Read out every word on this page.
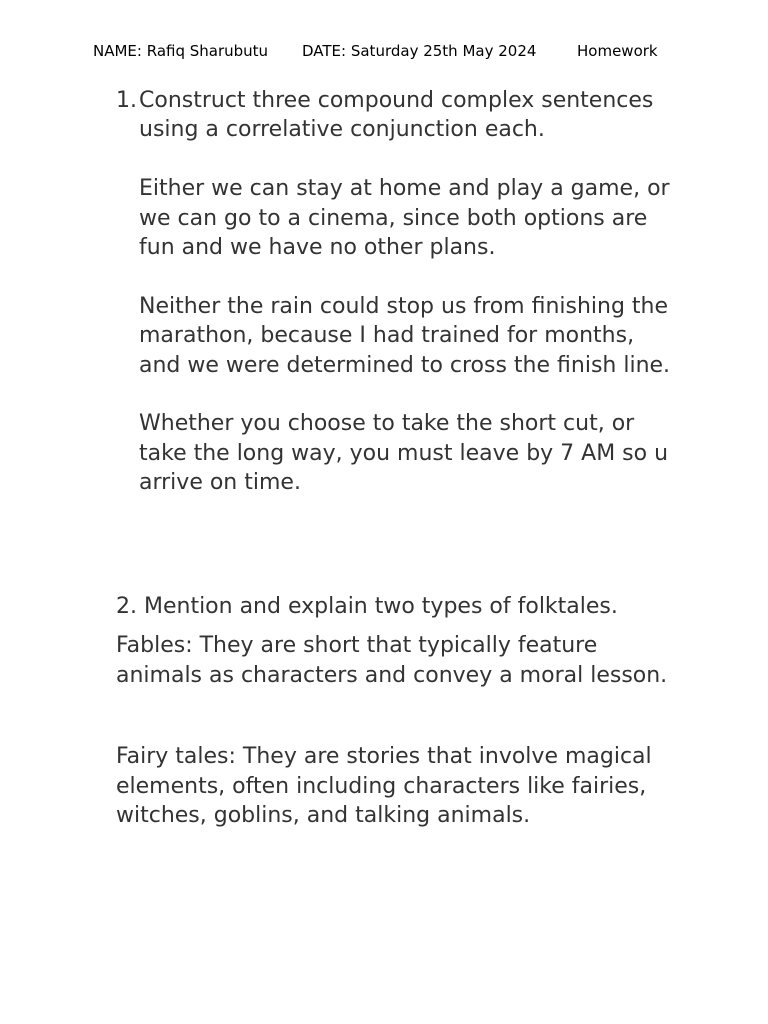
NAME: Rafiq Sharubutu DATE: Saturday 25th May 2024	Homework
1. Construct three compound complex sentences using a correlative conjunction each.

Either we can stay at home and play a game, or we can go to a cinema, since both options are fun and we have no other plans.

Neither the rain could stop us from finishing the marathon, because I had trained for months, and we were determined to cross the finish line.

Whether you choose to take the short cut, or take the long way, you must leave by 7 AM so u arrive on time.

2. Mention and explain two types of folktales.

Fables: They are short that typically feature animals as characters and convey a moral lesson.

Fairy tales: They are stories that involve magical elements, often including characters like fairies, witches, goblins, and talking animals.
